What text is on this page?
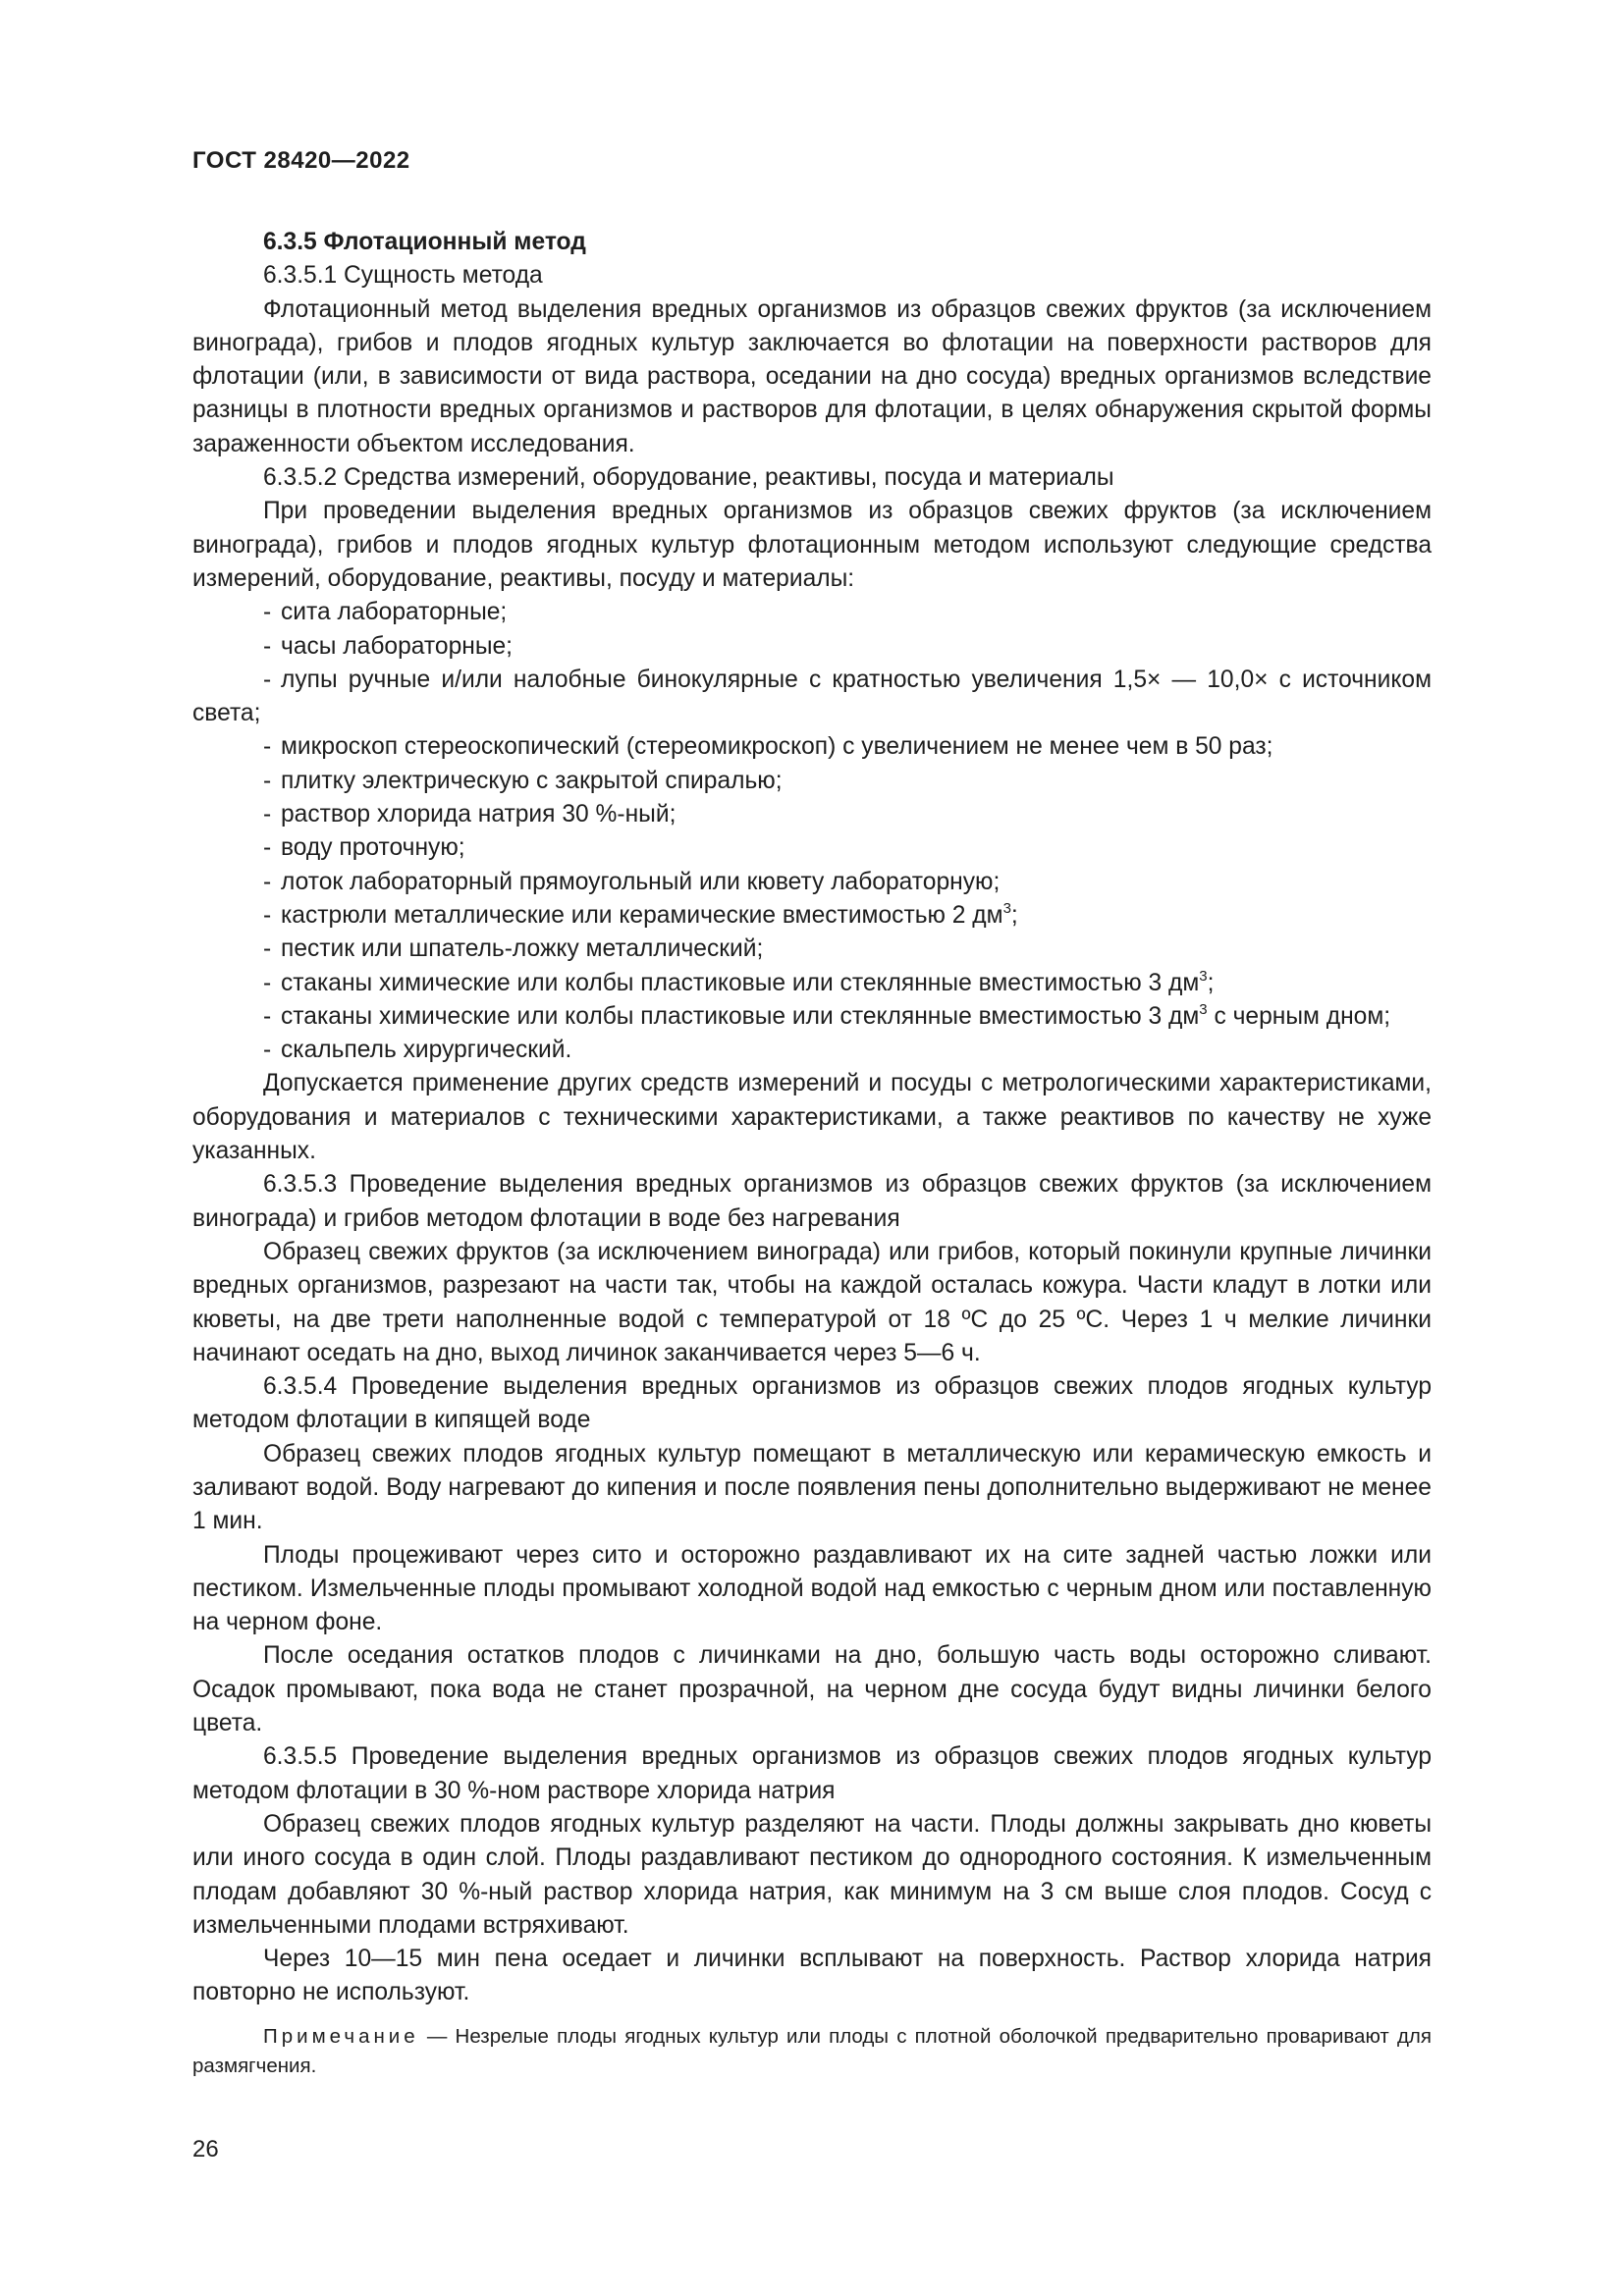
ГОСТ 28420—2022

6.3.5 Флотационный метод

6.3.5.1 Сущность метода

Флотационный метод выделения вредных организмов из образцов свежих фруктов (за исключением винограда), грибов и плодов ягодных культур заключается во флотации на поверхности растворов для флотации (или, в зависимости от вида раствора, оседании на дно сосуда) вредных организмов вследствие разницы в плотности вредных организмов и растворов для флотации, в целях обнаружения скрытой формы зараженности объектом исследования.

6.3.5.2 Средства измерений, оборудование, реактивы, посуда и материалы

При проведении выделения вредных организмов из образцов свежих фруктов (за исключением винограда), грибов и плодов ягодных культур флотационным методом используют следующие средства измерений, оборудование, реактивы, посуду и материалы:

- сита лабораторные;
- часы лабораторные;
- лупы ручные и/или налобные бинокулярные с кратностью увеличения 1,5× — 10,0× с источником света;
- микроскоп стереоскопический (стереомикроскоп) с увеличением не менее чем в 50 раз;
- плитку электрическую с закрытой спиралью;
- раствор хлорида натрия 30 %-ный;
- воду проточную;
- лоток лабораторный прямоугольный или кювету лабораторную;
- кастрюли металлические или керамические вместимостью 2 $дм^3$;
- пестик или шпатель-ложку металлический;
- стаканы химические или колбы пластиковые или стеклянные вместимостью 3 $дм^3$;
- стаканы химические или колбы пластиковые или стеклянные вместимостью 3 $дм^3$ с черным дном;
- скальпель хирургический.

Допускается применение других средств измерений и посуды с метрологическими характеристиками, оборудования и материалов с техническими характеристиками, а также реактивов по качеству не хуже указанных.

6.3.5.3 Проведение выделения вредных организмов из образцов свежих фруктов (за исключением винограда) и грибов методом флотации в воде без нагревания

Образец свежих фруктов (за исключением винограда) или грибов, который покинули крупные личинки вредных организмов, разрезают на части так, чтобы на каждой осталась кожура. Части кладут в лотки или кюветы, на две трети наполненные водой с температурой от 18 ºС до 25 ºС. Через 1 ч мелкие личинки начинают оседать на дно, выход личинок заканчивается через 5—6 ч.

6.3.5.4 Проведение выделения вредных организмов из образцов свежих плодов ягодных культур методом флотации в кипящей воде

Образец свежих плодов ягодных культур помещают в металлическую или керамическую емкость и заливают водой. Воду нагревают до кипения и после появления пены дополнительно выдерживают не менее 1 мин.

Плоды процеживают через сито и осторожно раздавливают их на сите задней частью ложки или пестиком. Измельченные плоды промывают холодной водой над емкостью с черным дном или поставленную на черном фоне.

После оседания остатков плодов с личинками на дно, большую часть воды осторожно сливают. Осадок промывают, пока вода не станет прозрачной, на черном дне сосуда будут видны личинки белого цвета.

6.3.5.5 Проведение выделения вредных организмов из образцов свежих плодов ягодных культур методом флотации в 30 %-ном растворе хлорида натрия

Образец свежих плодов ягодных культур разделяют на части. Плоды должны закрывать дно кюветы или иного сосуда в один слой. Плоды раздавливают пестиком до однородного состояния. К измельченным плодам добавляют 30 %-ный раствор хлорида натрия, как минимум на 3 см выше слоя плодов. Сосуд с измельченными плодами встряхивают.

Через 10—15 мин пена оседает и личинки всплывают на поверхность. Раствор хлорида натрия повторно не используют.

Примечание — Незрелые плоды ягодных культур или плоды с плотной оболочкой предварительно проваривают для размягчения.

26
